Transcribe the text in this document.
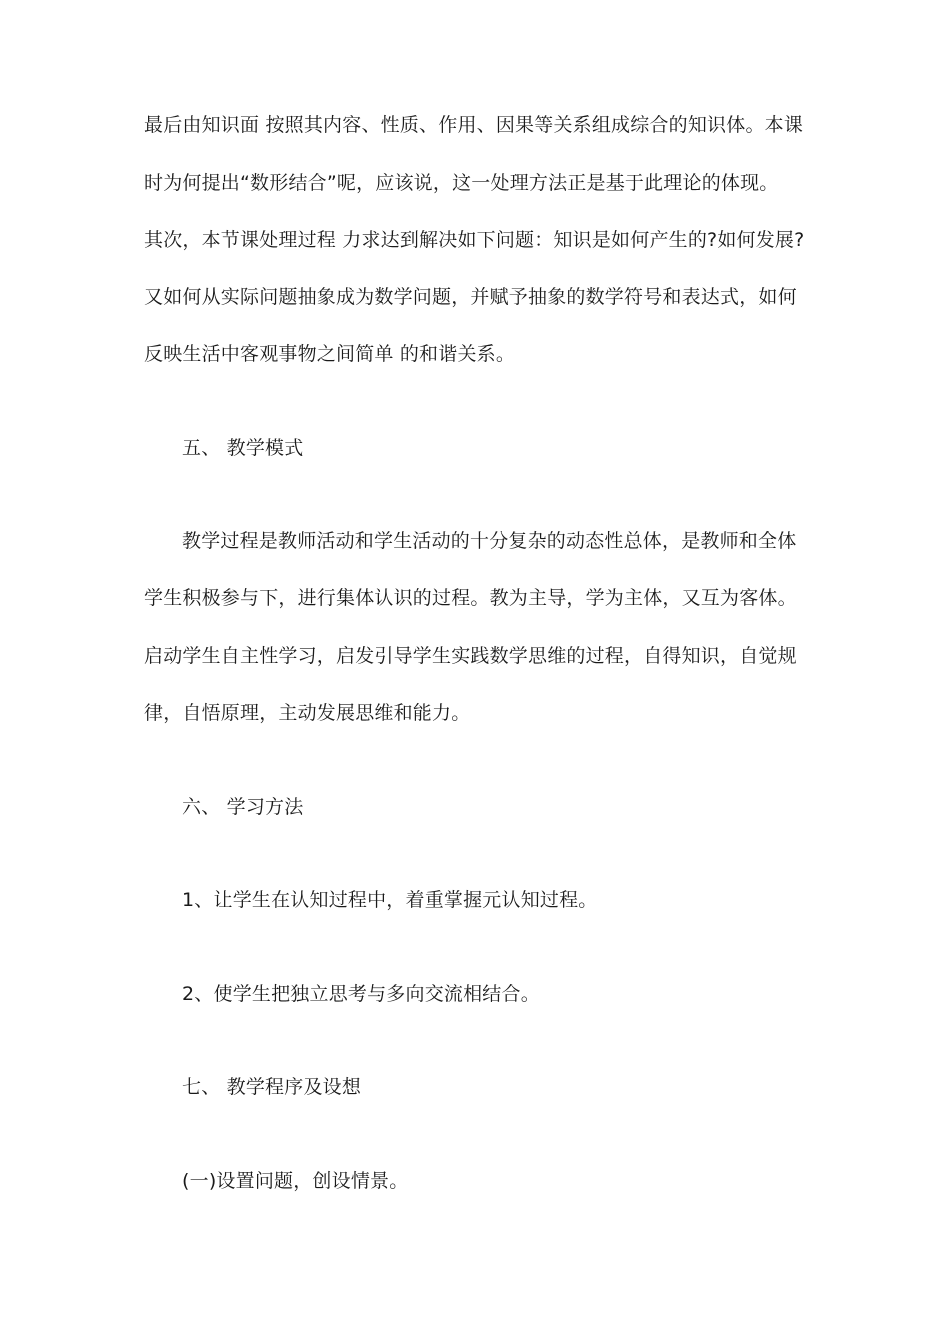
最后由知识面 按照其内容、性质、作用、因果等关系组成综合的知识体。本课
时为何提出“数形结合”呢，应该说，这一处理方法正是基于此理论的体现。
其次，本节课处理过程 力求达到解决如下问题：知识是如何产生的?如何发展?
又如何从实际问题抽象成为数学问题，并赋予抽象的数学符号和表达式，如何
反映生活中客观事物之间简单 的和谐关系。
五、 教学模式
教学过程是教师活动和学生活动的十分复杂的动态性总体，是教师和全体
学生积极参与下，进行集体认识的过程。教为主导，学为主体，又互为客体。
启动学生自主性学习，启发引导学生实践数学思维的过程，自得知识，自觉规
律，自悟原理，主动发展思维和能力。
六、 学习方法
1、让学生在认知过程中，着重掌握元认知过程。
2、使学生把独立思考与多向交流相结合。
七、 教学程序及设想
(一)设置问题，创设情景。
